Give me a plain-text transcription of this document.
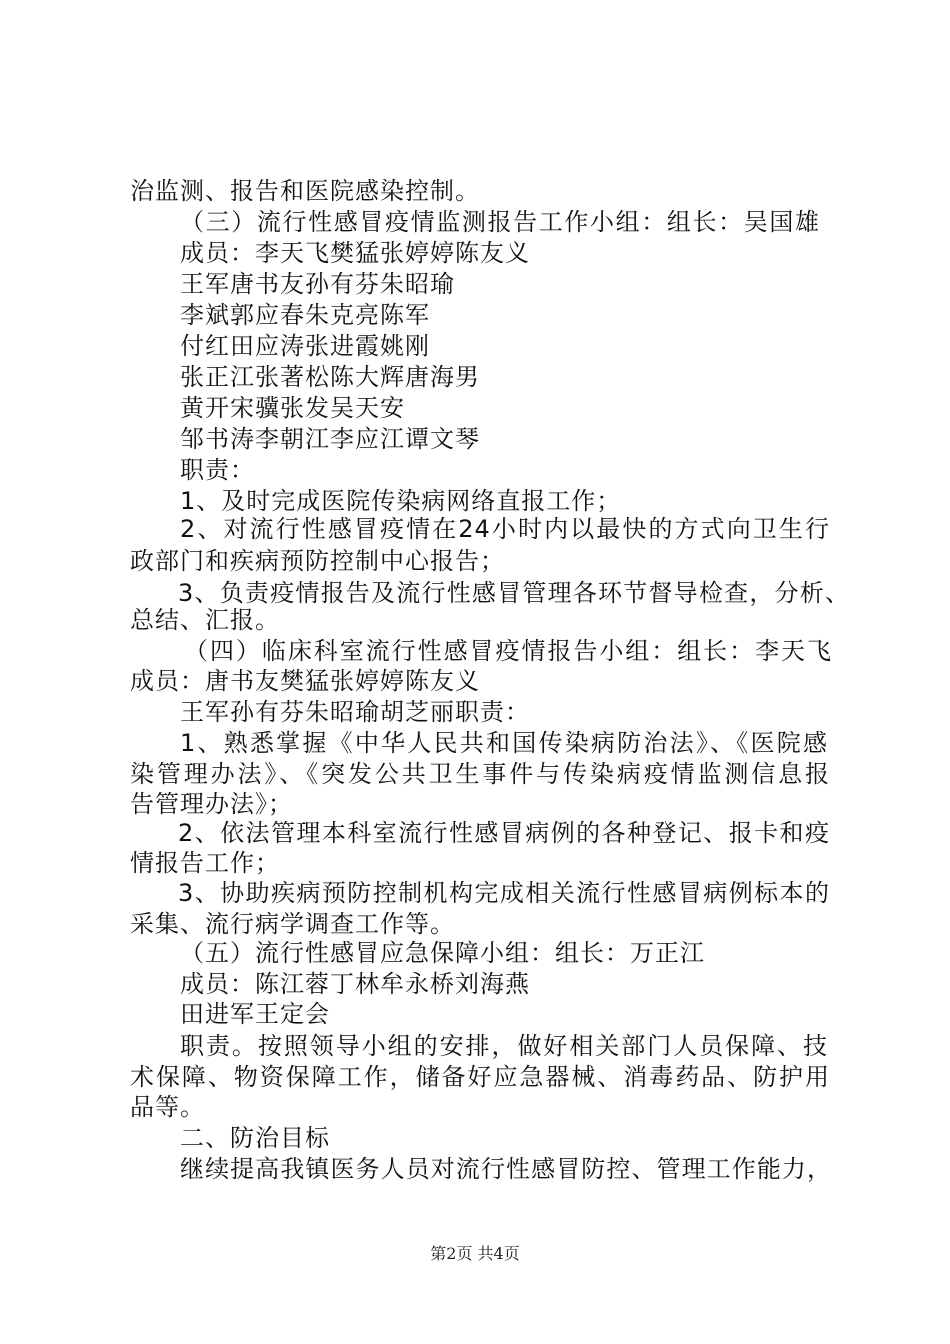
治监测、报告和医院感染控制。
（三）流行性感冒疫情监测报告工作小组：组长：吴国雄
成员：李天飞樊猛张婷婷陈友义
王军唐书友孙有芬朱昭瑜
李斌郭应春朱克亮陈军
付红田应涛张进霞姚刚
张正江张著松陈大辉唐海男
黄开宋骥张发吴天安
邹书涛李朝江李应江谭文琴
职责：
1、及时完成医院传染病网络直报工作；
2、对流行性感冒疫情在24小时内以最快的方式向卫生行
政部门和疾病预防控制中心报告；
3、负责疫情报告及流行性感冒管理各环节督导检查，分析、
总结、汇报。
（四）临床科室流行性感冒疫情报告小组：组长：李天飞
成员：唐书友樊猛张婷婷陈友义
王军孙有芬朱昭瑜胡芝丽职责：
1、熟悉掌握《中华人民共和国传染病防治法》、《医院感
染管理办法》、《突发公共卫生事件与传染病疫情监测信息报
告管理办法》；
2、依法管理本科室流行性感冒病例的各种登记、报卡和疫
情报告工作；
3、协助疾病预防控制机构完成相关流行性感冒病例标本的
采集、流行病学调查工作等。
（五）流行性感冒应急保障小组：组长：万正江
成员：陈江蓉丁林牟永桥刘海燕
田进军王定会
职责。按照领导小组的安排，做好相关部门人员保障、技
术保障、物资保障工作，储备好应急器械、消毒药品、防护用
品等。
二、防治目标
继续提高我镇医务人员对流行性感冒防控、管理工作能力，
第2页 共4页
